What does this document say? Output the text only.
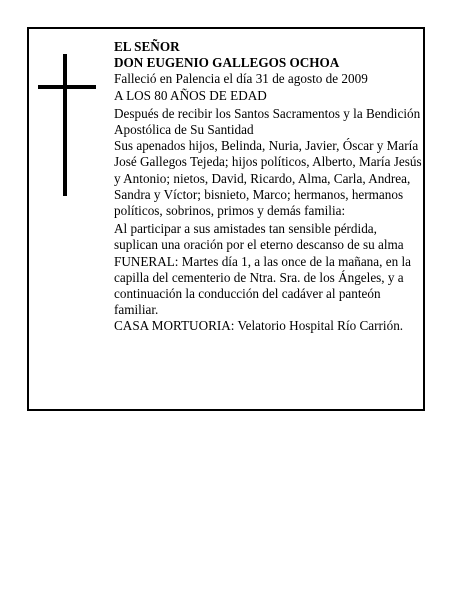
EL SEÑOR

DON EUGENIO GALLEGOS OCHOA

Falleció en Palencia el día 31 de agosto de 2009

A LOS 80 AÑOS DE EDAD

Después de recibir los Santos Sacramentos y la Bendición Apostólica de Su Santidad

Sus apenados hijos, Belinda, Nuria, Javier, Óscar y María José Gallegos Tejeda; hijos políticos, Alberto, María Jesús y Antonio; nietos, David, Ricardo, Alma, Carla, Andrea, Sandra y Víctor; bisnieto, Marco; hermanos, hermanos políticos, sobrinos, primos y demás familia:

Al participar a sus amistades tan sensible pérdida, suplican una oración por el eterno descanso de su alma

FUNERAL: Martes día 1, a las once de la mañana, en la capilla del cementerio de Ntra. Sra. de los Ángeles, y a continuación la conducción del cadáver al panteón familiar.

CASA MORTUORIA: Velatorio Hospital Río Carrión.
